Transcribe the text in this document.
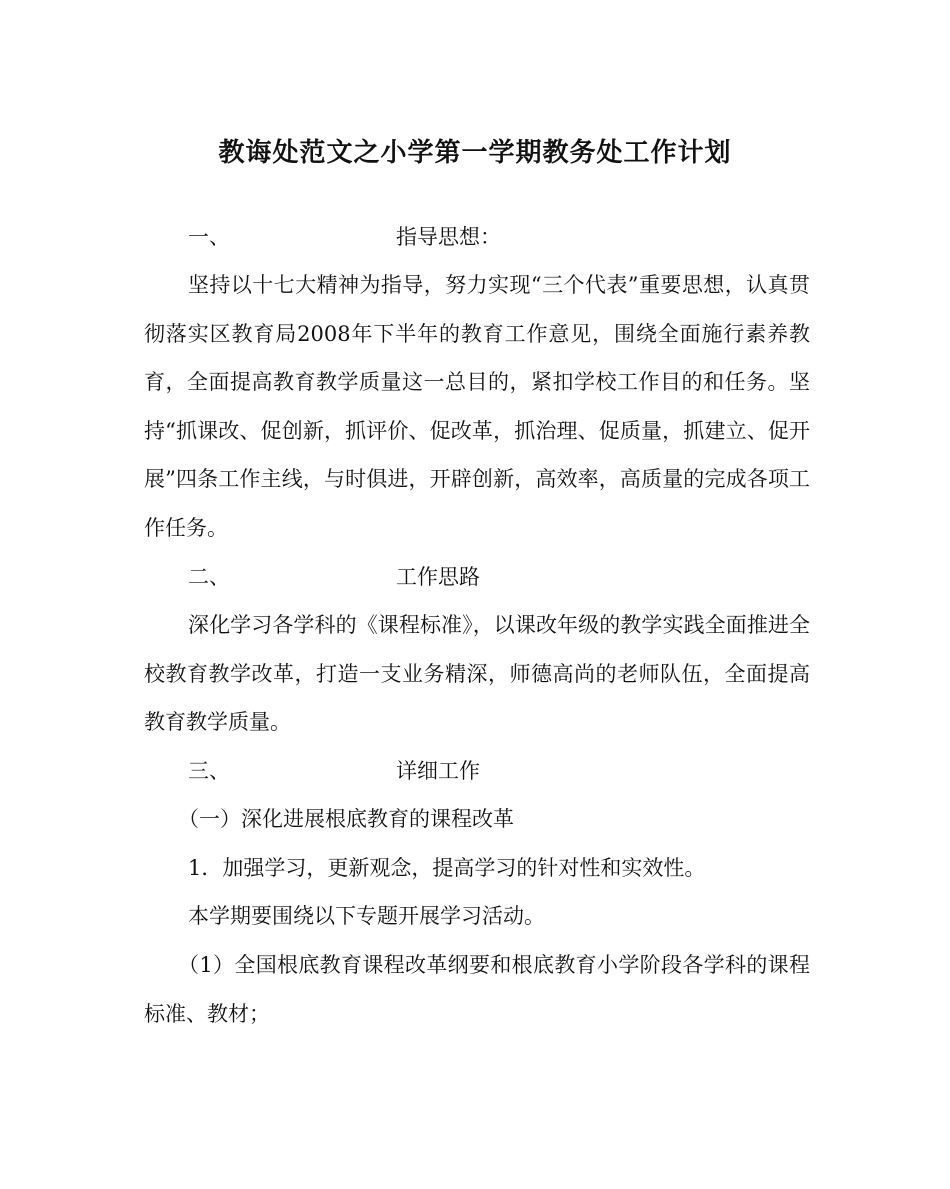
教诲处范文之小学第一学期教务处工作计划
一、	指导思想：

坚持以十七大精神为指导，努力实现“三个代表”重要思想，认真贯彻落实区教育局2008年下半年的教育工作意见，围绕全面施行素养教育，全面提高教育教学质量这一总目的，紧扣学校工作目的和任务。坚持“抓课改、促创新，抓评价、促改革，抓治理、促质量，抓建立、促开展”四条工作主线，与时俱进，开辟创新，高效率，高质量的完成各项工作任务。

二、	工作思路

深化学习各学科的《课程标准》，以课改年级的教学实践全面推进全校教育教学改革，打造一支业务精深，师德高尚的老师队伍，全面提高教育教学质量。

三、	详细工作

（一）深化进展根底教育的课程改革

1．加强学习，更新观念，提高学习的针对性和实效性。

本学期要围绕以下专题开展学习活动。

（1）全国根底教育课程改革纲要和根底教育小学阶段各学科的课程标准、教材；
